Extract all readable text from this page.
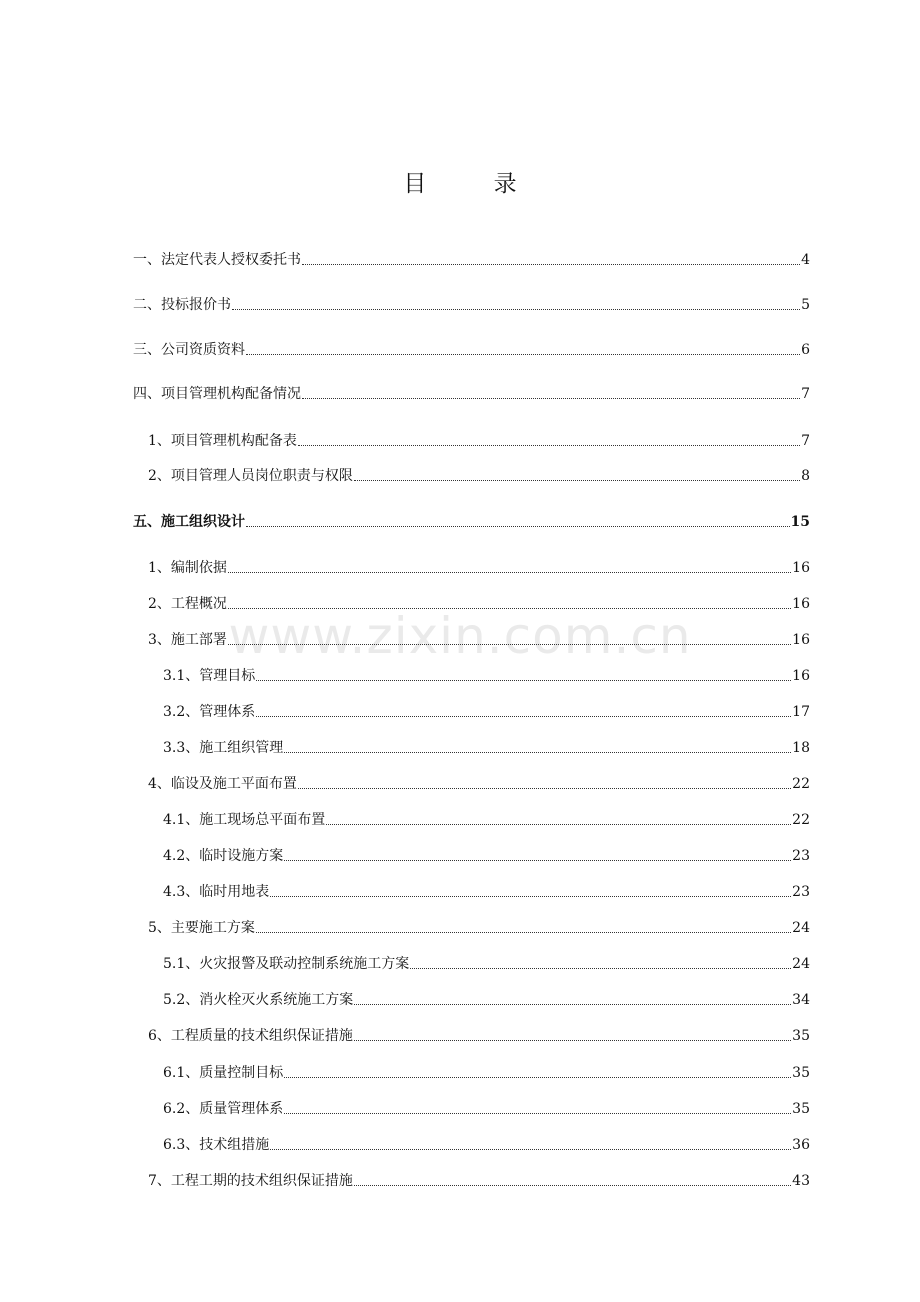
目 录
www.zixin.com.cn
一、法定代表人授权委托书	4
二、投标报价书	5
三、公司资质资料	6
四、项目管理机构配备情况	7
1、项目管理机构配备表	7
2、项目管理人员岗位职责与权限	8
五、施工组织设计	15
1、编制依据	16
2、工程概况	16
3、施工部署	16
3.1、管理目标	16
3.2、管理体系	17
3.3、施工组织管理	18
4、临设及施工平面布置	22
4.1、施工现场总平面布置	22
4.2、临时设施方案	23
4.3、临时用地表	23
5、主要施工方案	24
5.1、火灾报警及联动控制系统施工方案	24
5.2、消火栓灭火系统施工方案	34
6、工程质量的技术组织保证措施	35
6.1、质量控制目标	35
6.2、质量管理体系	35
6.3、技术组措施	36
7、工程工期的技术组织保证措施	43
